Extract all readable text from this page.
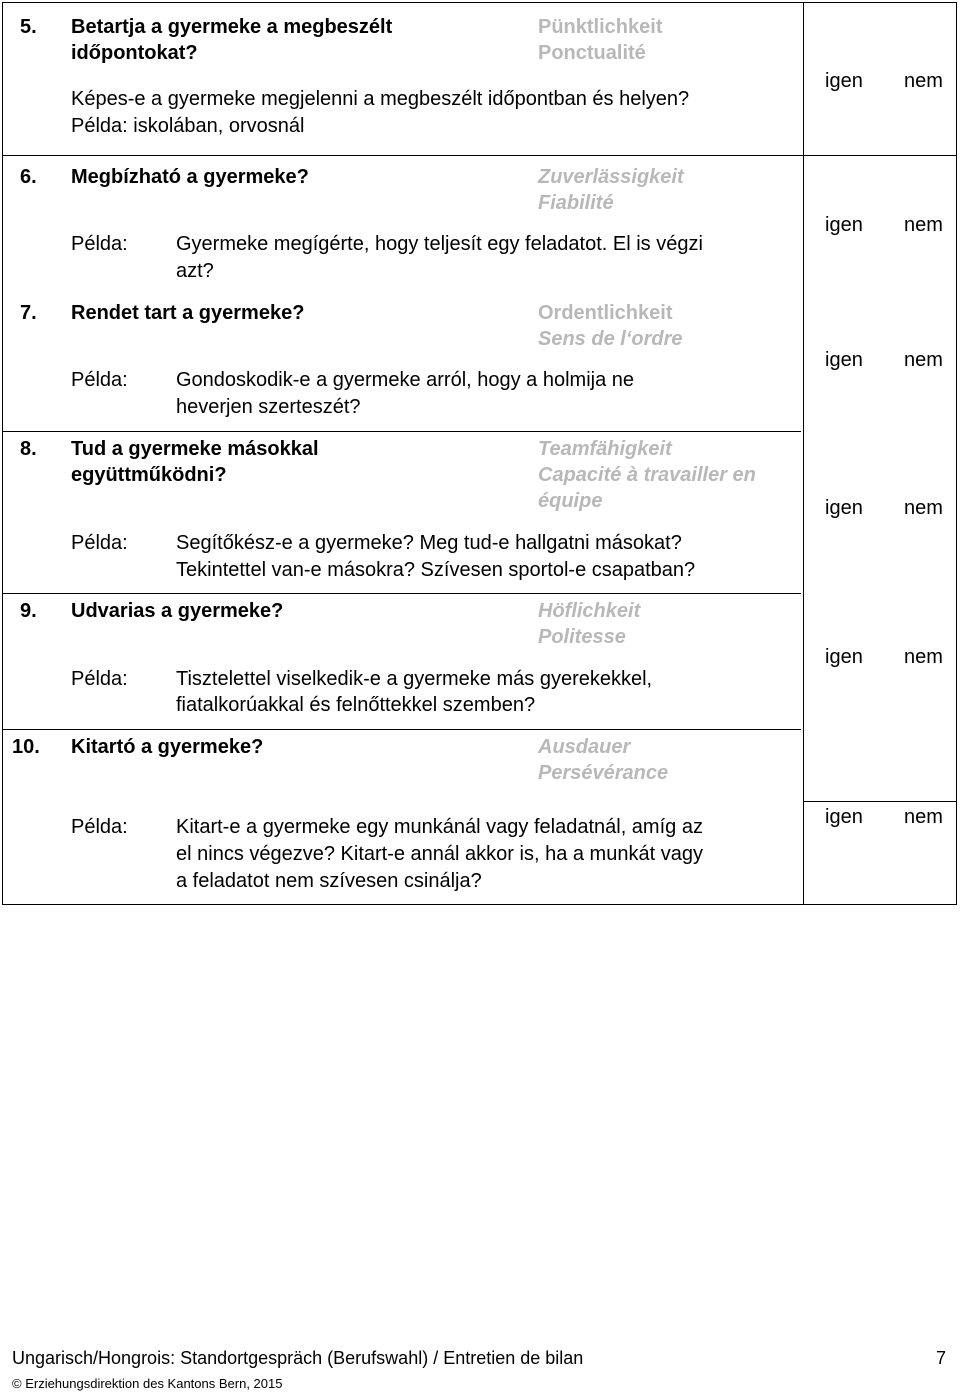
5. Betartja a gyermeke a megbeszélt
időpontokat?
Pünktlichkeit
Ponctualité
Képes-e a gyermeke megjelenni a megbeszélt időpontban és helyen?
Példa: iskolában, orvosnál
igen nem
6. Megbízható a gyermeke?	Zuverlässigkeit
Fiabilité
Példa: Gyermeke megígérte, hogy teljesít egy feladatot. El is végzi
azt?
igen nem
7. Rendet tart a gyermeke?	Ordentlichkeit
Sens de l‘ordre
Példa: Gondoskodik-e a gyermeke arról, hogy a holmija ne
heverjen szerteszét?
igen nem
8. Tud a gyermeke másokkal
együttműködni?
Teamfähigkeit
Capacité à travailler en
équipe
Példa: Segítőkész-e a gyermeke? Meg tud-e hallgatni másokat?
Tekintettel van-e másokra? Szívesen sportol-e csapatban?
igen nem
9. Udvarias a gyermeke?	Höflichkeit
Politesse
Példa: Tisztelettel viselkedik-e a gyermeke más gyerekekkel,
fiatalkorúakkal és felnőttekkel szemben?
igen nem
10. Kitartó a gyermeke?	Ausdauer
Persévérance
Példa: Kitart-e a gyermeke egy munkánál vagy feladatnál, amíg az
el nincs végezve? Kitart-e annál akkor is, ha a munkát vagy
a feladatot nem szívesen csinálja?
igen nem
Ungarisch/Hongrois: Standortgespräch (Berufswahl) / Entretien de bilan	7
© Erziehungsdirektion des Kantons Bern, 2015
